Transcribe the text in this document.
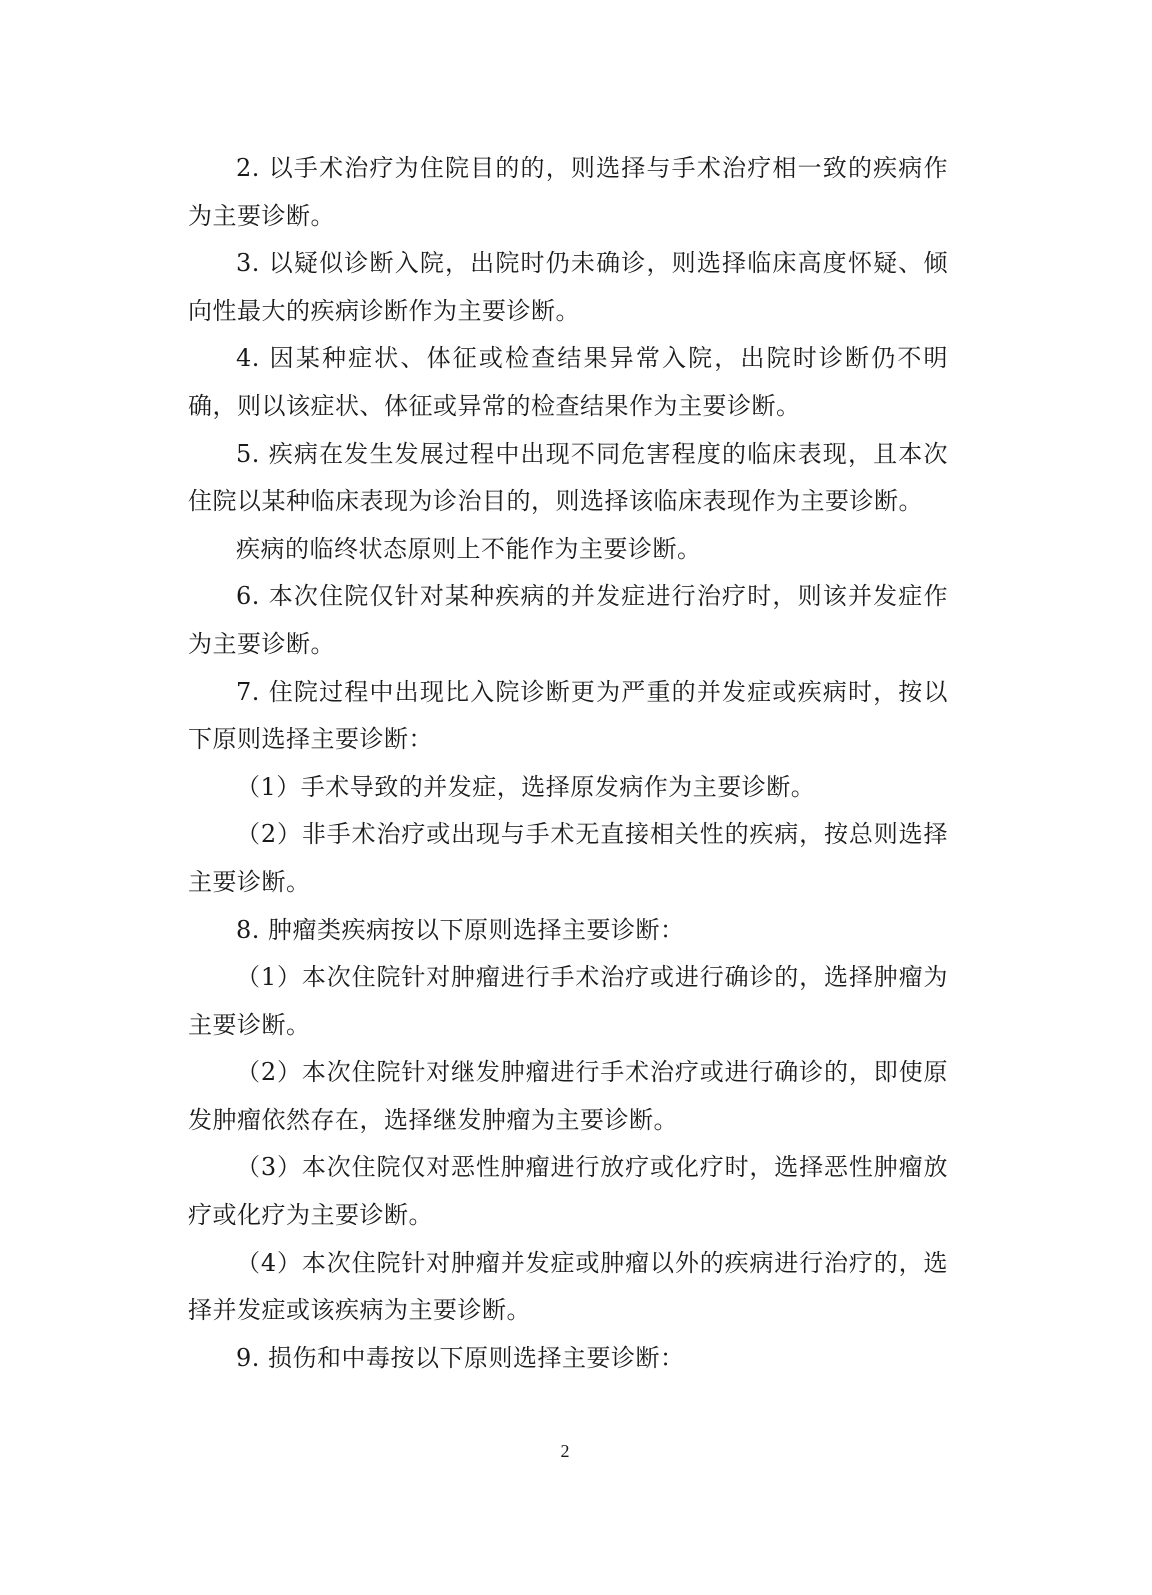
2. 以手术治疗为住院目的的，则选择与手术治疗相一致的疾病作为主要诊断。

3. 以疑似诊断入院，出院时仍未确诊，则选择临床高度怀疑、倾向性最大的疾病诊断作为主要诊断。

4. 因某种症状、体征或检查结果异常入院，出院时诊断仍不明确，则以该症状、体征或异常的检查结果作为主要诊断。

5. 疾病在发生发展过程中出现不同危害程度的临床表现，且本次住院以某种临床表现为诊治目的，则选择该临床表现作为主要诊断。

疾病的临终状态原则上不能作为主要诊断。

6. 本次住院仅针对某种疾病的并发症进行治疗时，则该并发症作为主要诊断。

7. 住院过程中出现比入院诊断更为严重的并发症或疾病时，按以下原则选择主要诊断：

（1）手术导致的并发症，选择原发病作为主要诊断。

（2）非手术治疗或出现与手术无直接相关性的疾病，按总则选择主要诊断。

8. 肿瘤类疾病按以下原则选择主要诊断：

（1）本次住院针对肿瘤进行手术治疗或进行确诊的，选择肿瘤为主要诊断。

（2）本次住院针对继发肿瘤进行手术治疗或进行确诊的，即使原发肿瘤依然存在，选择继发肿瘤为主要诊断。

（3）本次住院仅对恶性肿瘤进行放疗或化疗时，选择恶性肿瘤放疗或化疗为主要诊断。

（4）本次住院针对肿瘤并发症或肿瘤以外的疾病进行治疗的，选择并发症或该疾病为主要诊断。

9. 损伤和中毒按以下原则选择主要诊断：

2
